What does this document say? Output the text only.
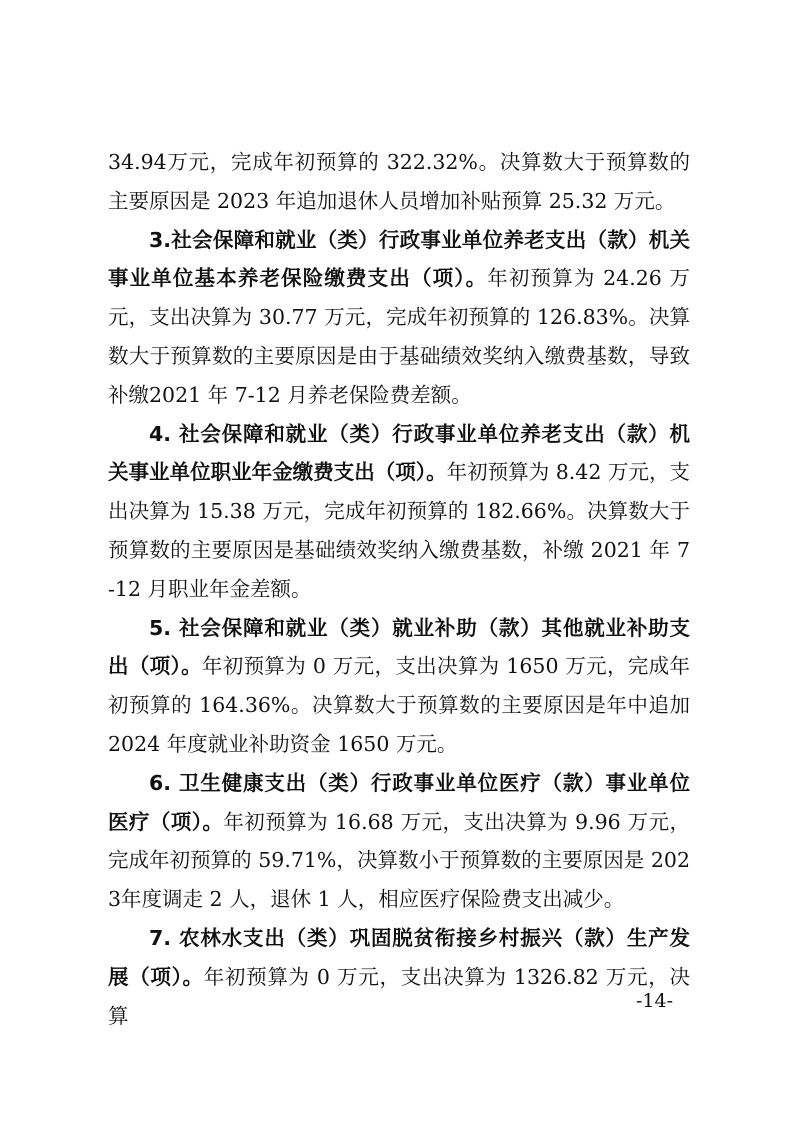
34.94万元，完成年初预算的 322.32%。决算数大于预算数的主要原因是 2023 年追加退休人员增加补贴预算 25.32 万元。

3.社会保障和就业（类）行政事业单位养老支出（款）机关事业单位基本养老保险缴费支出（项）。年初预算为 24.26 万元，支出决算为 30.77 万元，完成年初预算的 126.83%。决算数大于预算数的主要原因是由于基础绩效奖纳入缴费基数，导致补缴2021 年 7-12 月养老保险费差额。

4. 社会保障和就业（类）行政事业单位养老支出（款）机关事业单位职业年金缴费支出（项）。年初预算为 8.42 万元，支出决算为 15.38 万元，完成年初预算的 182.66%。决算数大于预算数的主要原因是基础绩效奖纳入缴费基数，补缴 2021 年 7-12 月职业年金差额。

5. 社会保障和就业（类）就业补助（款）其他就业补助支出（项）。年初预算为 0 万元，支出决算为 1650 万元，完成年初预算的 164.36%。决算数大于预算数的主要原因是年中追加2024 年度就业补助资金 1650 万元。

6. 卫生健康支出（类）行政事业单位医疗（款）事业单位医疗（项）。年初预算为 16.68 万元，支出决算为 9.96 万元，完成年初预算的 59.71%，决算数小于预算数的主要原因是 2023年度调走 2 人，退休 1 人，相应医疗保险费支出减少。

7. 农林水支出（类）巩固脱贫衔接乡村振兴（款）生产发展（项）。年初预算为 0 万元，支出决算为 1326.82 万元，决算

-14-
